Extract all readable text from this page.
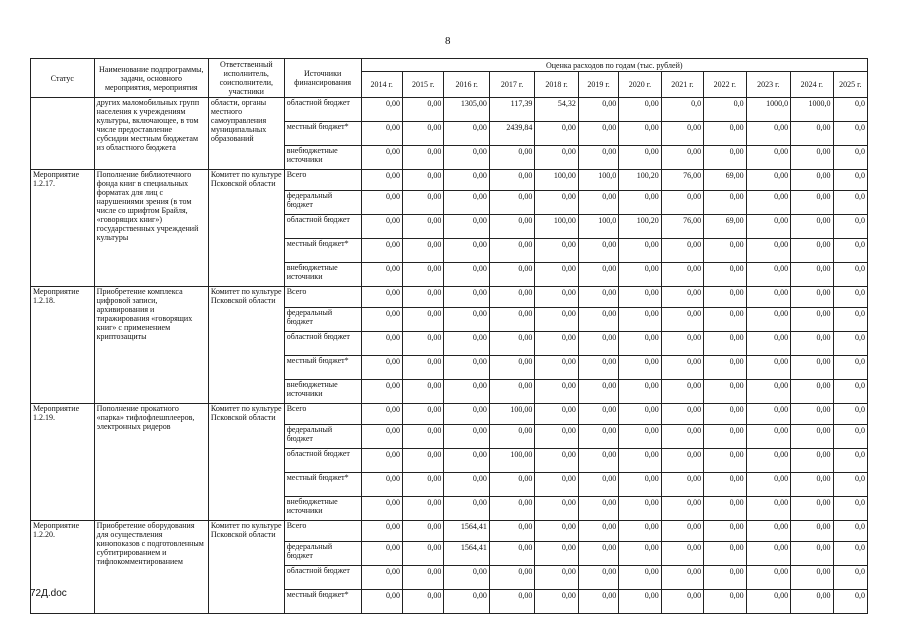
8
Статус	Наименование подпрограммы, задачи, основного мероприятия, мероприятия	Ответственный исполнитель, соисполнители, участники	Источники финансирования	Оценка расходов по годам (тыс. рублей)											
				2014 г.	2015 г.	2016 г.	2017 г.	2018 г.	2019 г.	2020 г.	2021 г.	2022 г.	2023 г.	2024 г.	2025 г.
	других маломобильных групп населения к учреждениям культуры, включающее, в том числе предоставление субсидии местным бюджетам из областного бюджета	области, органы местного самоуправления муниципальных образований	областной бюджет	0,00	0,00	1305,00	117,39	54,32	0,00	0,00	0,0	0,0	1000,0	1000,0	0,0
			местный бюджет*	0,00	0,00	0,00	2439,84	0,00	0,00	0,00	0,00	0,00	0,00	0,00	0,0
			внебюджетные источники	0,00	0,00	0,00	0,00	0,00	0,00	0,00	0,00	0,00	0,00	0,00	0,0
Мероприятие 1.2.17.	Пополнение библиотечного фонда книг в специальных форматах для лиц с нарушениями зрения (в том числе со шрифтом Брайля, «говорящих книг») государственных учреждений культуры	Комитет по культуре Псковской области	Всего	0,00	0,00	0,00	0,00	100,00	100,0	100,20	76,00	69,00	0,00	0,00	0,0
			федеральный бюджет	0,00	0,00	0,00	0,00	0,00	0,00	0,00	0,00	0,00	0,00	0,00	0,0
			областной бюджет	0,00	0,00	0,00	0,00	100,00	100,0	100,20	76,00	69,00	0,00	0,00	0,0
			местный бюджет*	0,00	0,00	0,00	0,00	0,00	0,00	0,00	0,00	0,00	0,00	0,00	0,0
			внебюджетные источники	0,00	0,00	0,00	0,00	0,00	0,00	0,00	0,00	0,00	0,00	0,00	0,0
Мероприятие 1.2.18.	Приобретение комплекса цифровой записи, архивирования и тиражирования «говорящих книг» с применением криптозащиты	Комитет по культуре Псковской области	Всего	0,00	0,00	0,00	0,00	0,00	0,00	0,00	0,00	0,00	0,00	0,00	0,0
			федеральный бюджет	0,00	0,00	0,00	0,00	0,00	0,00	0,00	0,00	0,00	0,00	0,00	0,0
			областной бюджет	0,00	0,00	0,00	0,00	0,00	0,00	0,00	0,00	0,00	0,00	0,00	0,0
			местный бюджет*	0,00	0,00	0,00	0,00	0,00	0,00	0,00	0,00	0,00	0,00	0,00	0,0
			внебюджетные источники	0,00	0,00	0,00	0,00	0,00	0,00	0,00	0,00	0,00	0,00	0,00	0,0
Мероприятие 1.2.19.	Пополнение прокатного «парка» тифлофлешплееров, электронных ридеров	Комитет по культуре Псковской области	Всего	0,00	0,00	0,00	100,00	0,00	0,00	0,00	0,00	0,00	0,00	0,00	0,0
			федеральный бюджет	0,00	0,00	0,00	0,00	0,00	0,00	0,00	0,00	0,00	0,00	0,00	0,0
			областной бюджет	0,00	0,00	0,00	100,00	0,00	0,00	0,00	0,00	0,00	0,00	0,00	0,0
			местный бюджет*	0,00	0,00	0,00	0,00	0,00	0,00	0,00	0,00	0,00	0,00	0,00	0,0
			внебюджетные источники	0,00	0,00	0,00	0,00	0,00	0,00	0,00	0,00	0,00	0,00	0,00	0,0
Мероприятие 1.2.20.	Приобретение оборудования для осуществления кинопоказов с подготовленным субтитрированием и тифлокомментированием	Комитет по культуре Псковской области	Всего	0,00	0,00	1564,41	0,00	0,00	0,00	0,00	0,00	0,00	0,00	0,00	0,0
			федеральный бюджет	0,00	0,00	1564,41	0,00	0,00	0,00	0,00	0,00	0,00	0,00	0,00	0,0
			областной бюджет	0,00	0,00	0,00	0,00	0,00	0,00	0,00	0,00	0,00	0,00	0,00	0,0
			местный бюджет*	0,00	0,00	0,00	0,00	0,00	0,00	0,00	0,00	0,00	0,00	0,00	0,0
72Д.doc
